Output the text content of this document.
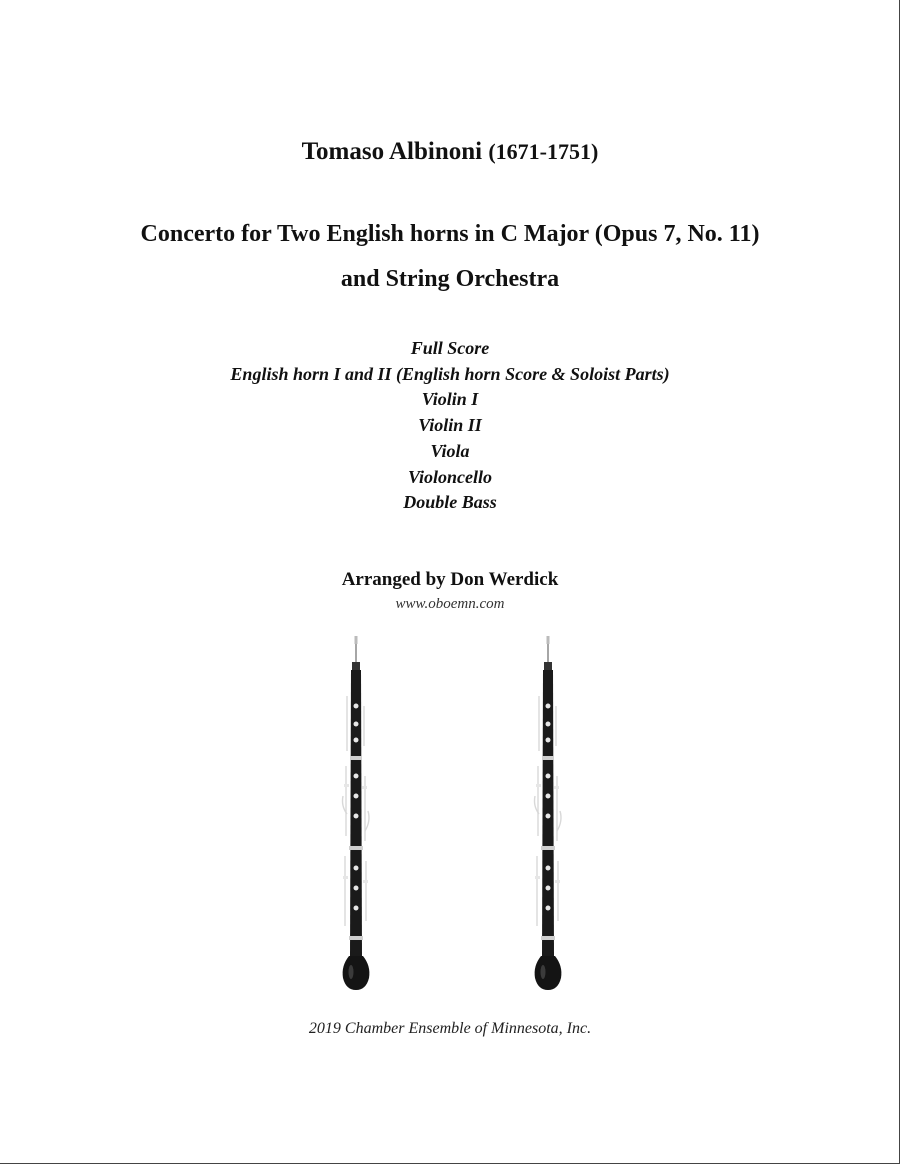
Tomaso Albinoni (1671-1751)
Concerto for Two English horns in C Major (Opus 7, No. 11)
and String Orchestra
Full Score
English horn I and II (English horn Score & Soloist Parts)
Violin I
Violin II
Viola
Violoncello
Double Bass
Arranged by Don Werdick
www.oboemn.com
2019 Chamber Ensemble of Minnesota, Inc.
